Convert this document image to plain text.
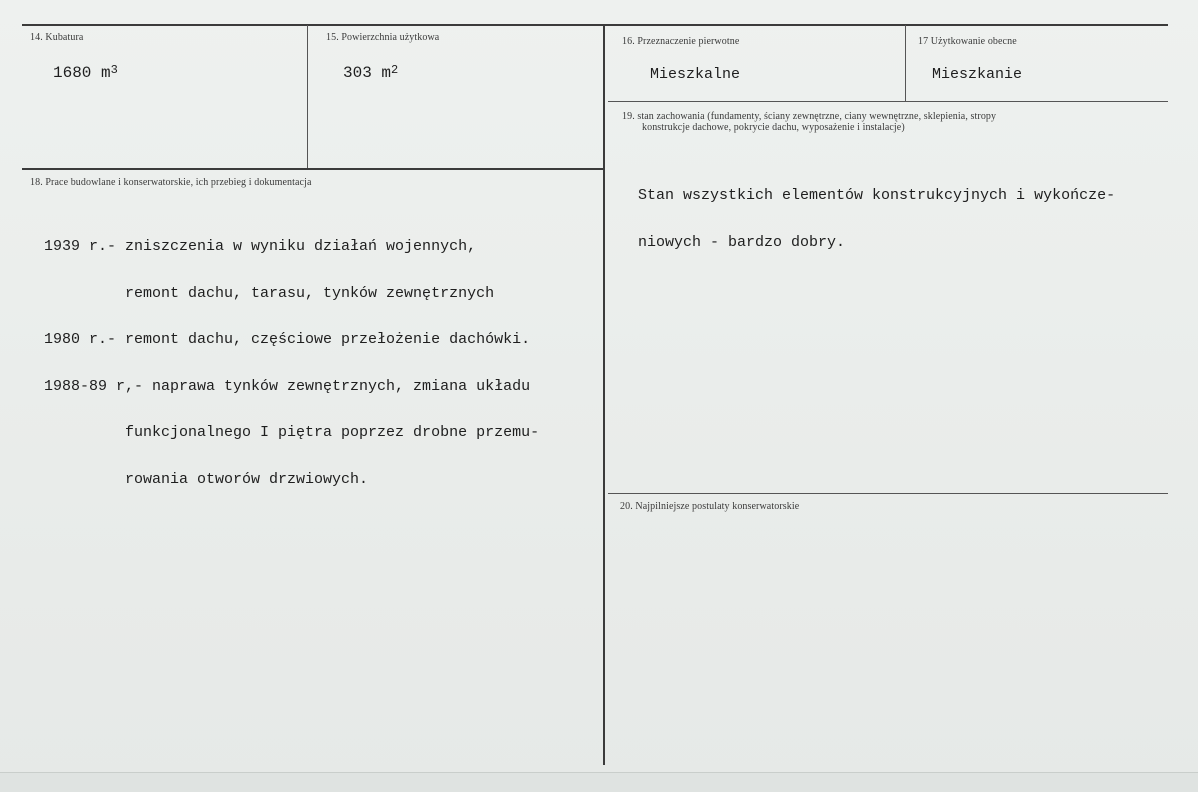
14. Kubatura
1680 $m^3$
15. Powierzchnia użytkowa
303 $m^2$
16. Przeznaczenie pierwotne
Mieszkalne
17 Użytkowanie obecne
Mieszkanie
18. Prace budowlane i konserwatorskie, ich przebieg i dokumentacja

1939 r.- zniszczenia w wyniku działań wojennych,

remont dachu, tarasu, tynków zewnętrznych

1980 r.- remont dachu, częściowe przełożenie dachówki.

1988-89 r,- naprawa tynków zewnętrznych, zmiana układu

funkcjonalnego I piętra poprzez drobne przemu-

rowania otworów drzwiowych.

19. stan zachowania (fundamenty, ściany zewnętrzne, ciany wewnętrzne, sklepienia, stropy
konstrukcje dachowe, pokrycie dachu, wyposażenie i instalacje)

Stan wszystkich elementów konstrukcyjnych i wykończe-

niowych - bardzo dobry.

20. Najpilniejsze postulaty konserwatorskie
